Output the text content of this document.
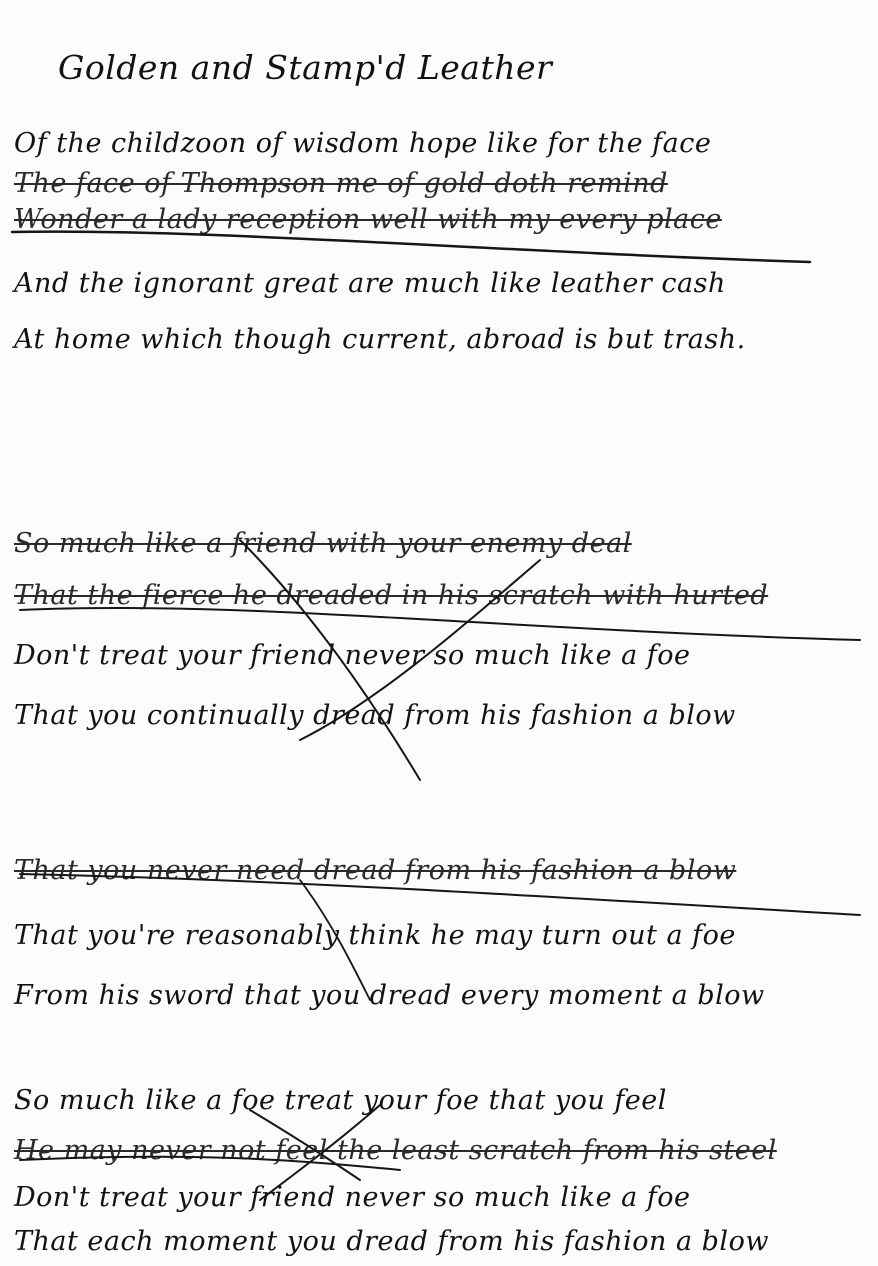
Golden and Stamp'd Leather
Of the childzoon of wisdom hope like for the face
The face of Thompson me of gold doth remind
Wonder a lady reception well with my every place
And the ignorant great are much like leather cash
At home which though current, abroad is but trash.
So much like a friend with your enemy deal
That the fierce he dreaded in his scratch with hurted
Don't treat your friend never so much like a foe
That you continually dread from his fashion a blow
That you never need dread from his fashion a blow
That you're reasonably think he may turn out a foe
From his sword that you dread every moment a blow
So much like a foe treat your foe that you feel
He may never not feel the least scratch from his steel
Don't treat your friend never so much like a foe
That each moment you dread from his fashion a blow
